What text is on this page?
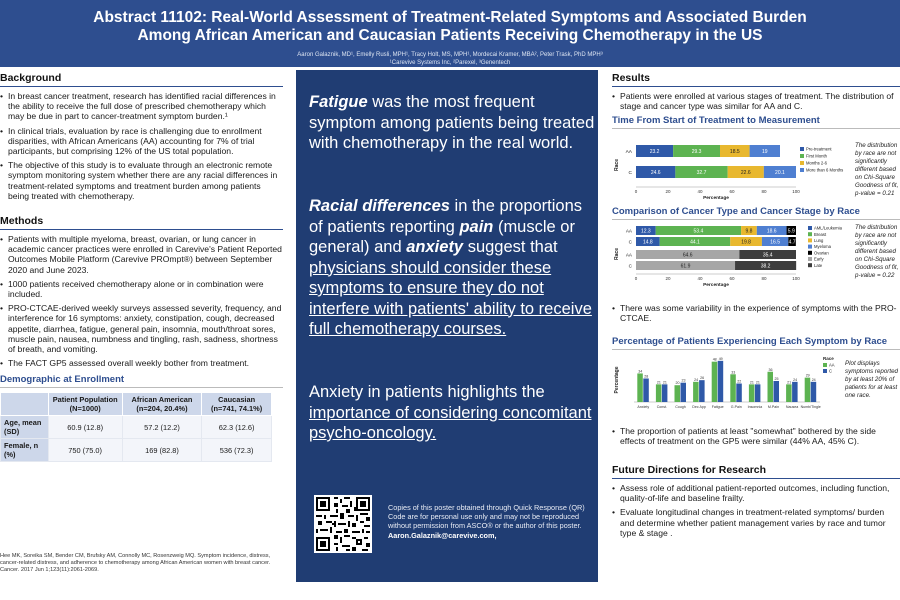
Abstract 11102: Real-World Assessment of Treatment-Related Symptoms and Associated Burden
Among African American and Caucasian Patients Receiving Chemotherapy in the US
Aaron Galaznik, MD¹, Emelly Rusli, MPH¹, Tracy Holt, MS, MPH¹, Mordecai Kramer, MBA², Peter Trask, PhD MPH³
¹Carevive Systems Inc, ²Parexel, ³Genentech
Background
• In breast cancer treatment, research has identified racial differences in the ability to receive the full dose of prescribed chemotherapy which may be due in part to cancer-treatment symptom burden.¹
• In clinical trials, evaluation by race is challenging due to enrollment disparities, with African Americans (AA) accounting for 7% of trial participants, but comprising 12% of the US total population.
• The objective of this study is to evaluate through an electronic remote symptom monitoring system whether there are any racial differences in treatment-related symptoms and treatment burden among patients being treated with chemotherapy.
Methods
• Patients with multiple myeloma, breast, ovarian, or lung cancer in academic cancer practices were enrolled in Carevive's Patient Reported Outcomes Mobile Platform (Carevive PROmpt®) between September 2020 and June 2023.
• 1000 patients received chemotherapy alone or in combination were included.
• PRO-CTCAE-derived weekly surveys assessed severity, frequency, and interference for 16 symptoms: anxiety, constipation, cough, decreased appetite, diarrhea, fatigue, general pain, insomnia, mouth/throat sores, muscle pain, nausea, numbness and tingling, rash, sadness, shortness of breath, and vomiting.
• The FACT GP5 assessed overall weekly bother from treatment.
Demographic at Enrollment
	Patient Population (N=1000)	African American (n=204, 20.4%)	Caucasian (n=741, 74.1%)
Age, mean (SD)	60.9 (12.8)	57.2 (12.2)	62.3 (12.6)
Female, n (%)	750 (75.0)	169 (82.8)	536 (72.3)
Hee MK, Soreika SM, Bender CM, Brufsky AM, Connolly MC, Rosenzweig MQ. Symptom incidence, distress, cancer-related distress, and adherence to chemotherapy among African American women with breast cancer. Cancer. 2017 Jun 1;123(11):2061-2069.
Fatigue was the most frequent symptom among patients being treated with chemotherapy in the real world.
Racial differences in the proportions of patients reporting pain (muscle or general) and anxiety suggest that physicians should consider these symptoms to ensure they do not interfere with patients' ability to receive full chemotherapy courses.
Anxiety in patients highlights the importance of considering concomitant psycho-oncology.
Copies of this poster obtained through Quick Response (QR) Code are for personal use only and may not be reproduced without permission from ASCO® or the author of this poster.
Aaron.Galaznik@carevive.com,
Results
• Patients were enrolled at various stages of treatment. The distribution of stage and cancer type was similar for AA and C.
Time From Start of Treatment to Measurement
Race
AA	23.2	29.3	18.5	19
C	24.6	32.7	22.6	20.1
0	20	40	60	80	100
Percentage
Pre-treatment
First Month
Months 2-6
More than 6 Months
The distribution by race are not significantly different based on Chi-Square Goodness of fit, p-value = 0.21
Comparison of Cancer Type and Cancer Stage by Race
Race
AA 12.3	53.4	9.8	18.6 5.9
C 14.8	44.1	19.8	16.5 4.7
AA	64.6	35.4
C	61.9	38.2
0	20	40	60	80	100
Percentage
AML/Leukemia
Breast
Lung
Myeloma
Ovarian
Early
Late
The distribution by race are not significantly different based on Chi-Square Goodness of fit, p-value = 0.22
• There was some variability in the experience of symptoms with the PRO-CTCAE.
Percentage of Patients Experiencing Each Symptom by Race
Percentage	34
28
Anxiety
21 21
Const.
20
23
Cough
24 26
Dec App
48 49
Fatigue
33
22
G.Pain
21 21
Insomnia
36
25
M.Pain
21
24
Nausea
29
24
Numb/Tingle
Race
AA
C
Plot displays symptoms reported by at least 20% of patients for at least one race.
• The proportion of patients at least "somewhat" bothered by the side effects of treatment on the GP5 were similar (44% AA, 45% C).
Future Directions for Research
• Assess role of additional patient-reported outcomes, including function, quality-of-life and baseline frailty.
• Evaluate longitudinal changes in treatment-related symptoms/ burden and determine whether patient management varies by race and tumor type & stage .
